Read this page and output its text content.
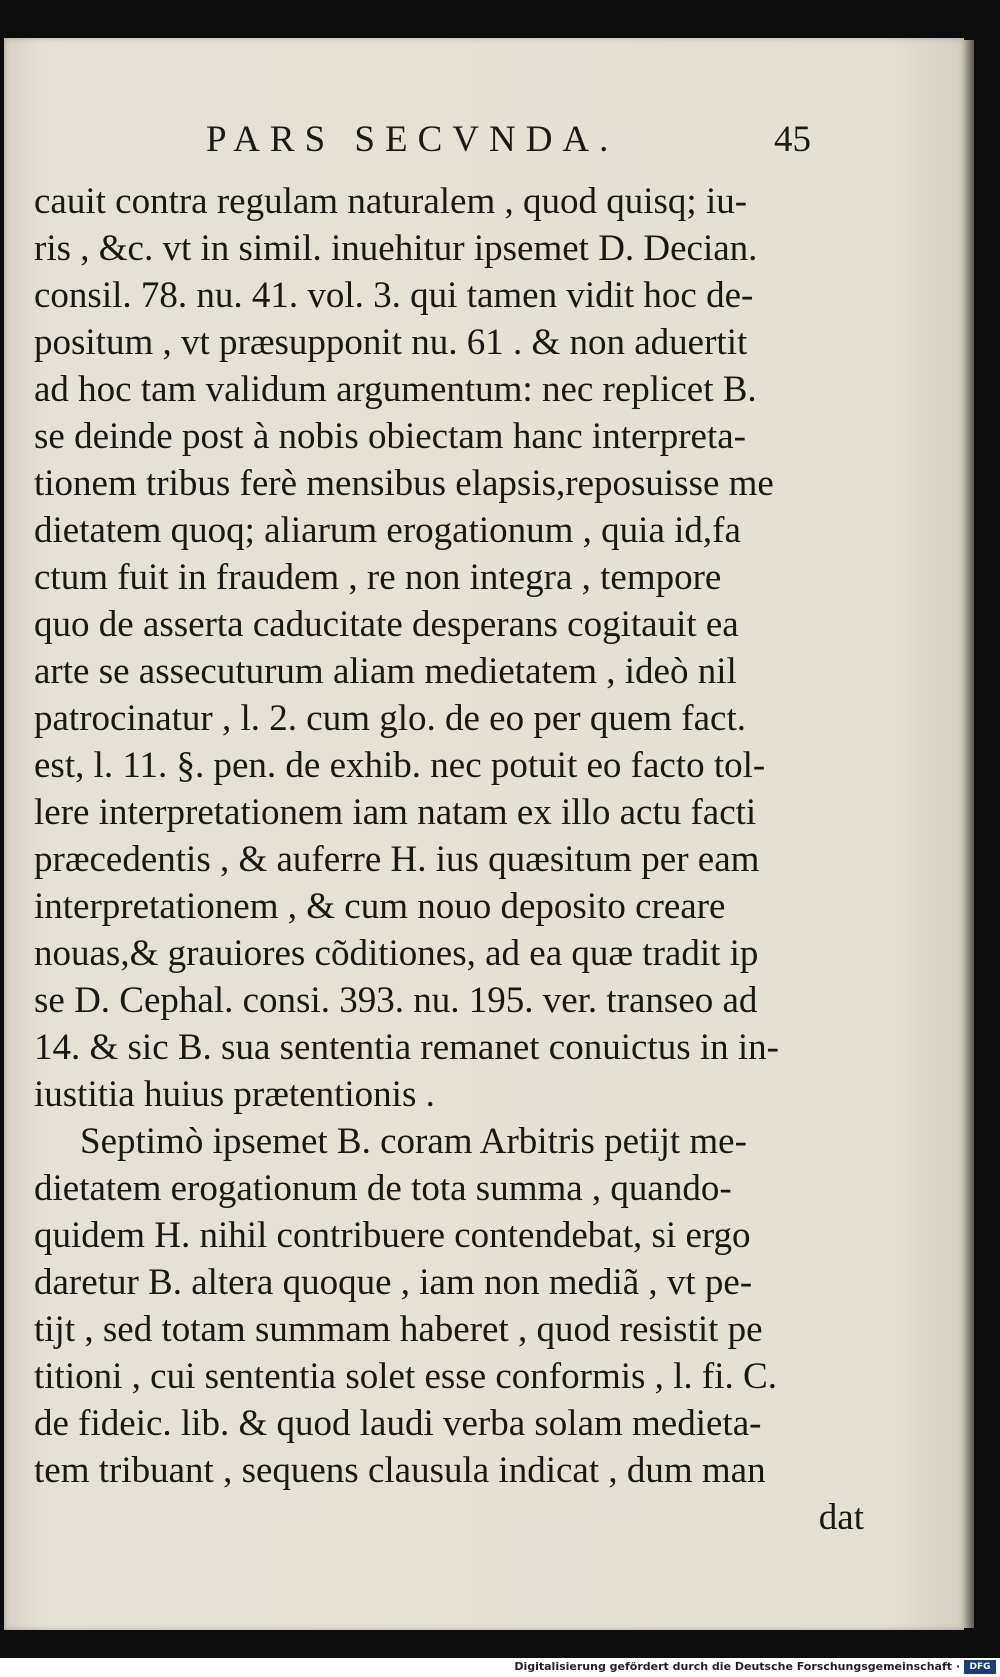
PARS SECVNDA.	45
cauit contra regulam naturalem , quod quisq; iu-
ris , &c. vt in simil. inuehitur ipsemet D. Decian.
consil. 78. nu. 41. vol. 3. qui tamen vidit hoc de-
positum , vt præsupponit nu. 61 . & non aduertit
ad hoc tam validum argumentum: nec replicet B.
se deinde post à nobis obiectam hanc interpreta-
tionem tribus ferè mensibus elapsis,reposuisse me
dietatem quoq; aliarum erogationum , quia id,fa
ctum fuit in fraudem , re non integra , tempore
quo de asserta caducitate desperans cogitauit ea
arte se assecuturum aliam medietatem , ideò nil
patrocinatur , l. 2. cum glo. de eo per quem fact.
est, l. 11. §. pen. de exhib. nec potuit eo facto tol-
lere interpretationem iam natam ex illo actu facti
præcedentis , & auferre H. ius quæsitum per eam
interpretationem , & cum nouo deposito creare
nouas,& grauiores cõditiones, ad ea quæ tradit ip
se D. Cephal. consi. 393. nu. 195. ver. transeo ad
14. & sic B. sua sententia remanet conuictus in in-
iustitia huius prætentionis .
Septimò ipsemet B. coram Arbitris petijt me-
dietatem erogationum de tota summa , quando-
quidem H. nihil contribuere contendebat, si ergo
daretur B. altera quoque , iam non mediã , vt pe-
tijt , sed totam summam haberet , quod resistit pe
titioni , cui sententia solet esse conformis , l. fi. C.
de fideic. lib. & quod laudi verba solam medieta-
tem tribuant , sequens clausula indicat , dum man
dat
Digitalisierung gefördert durch die Deutsche Forschungsgemeinschaft ·	DFG
